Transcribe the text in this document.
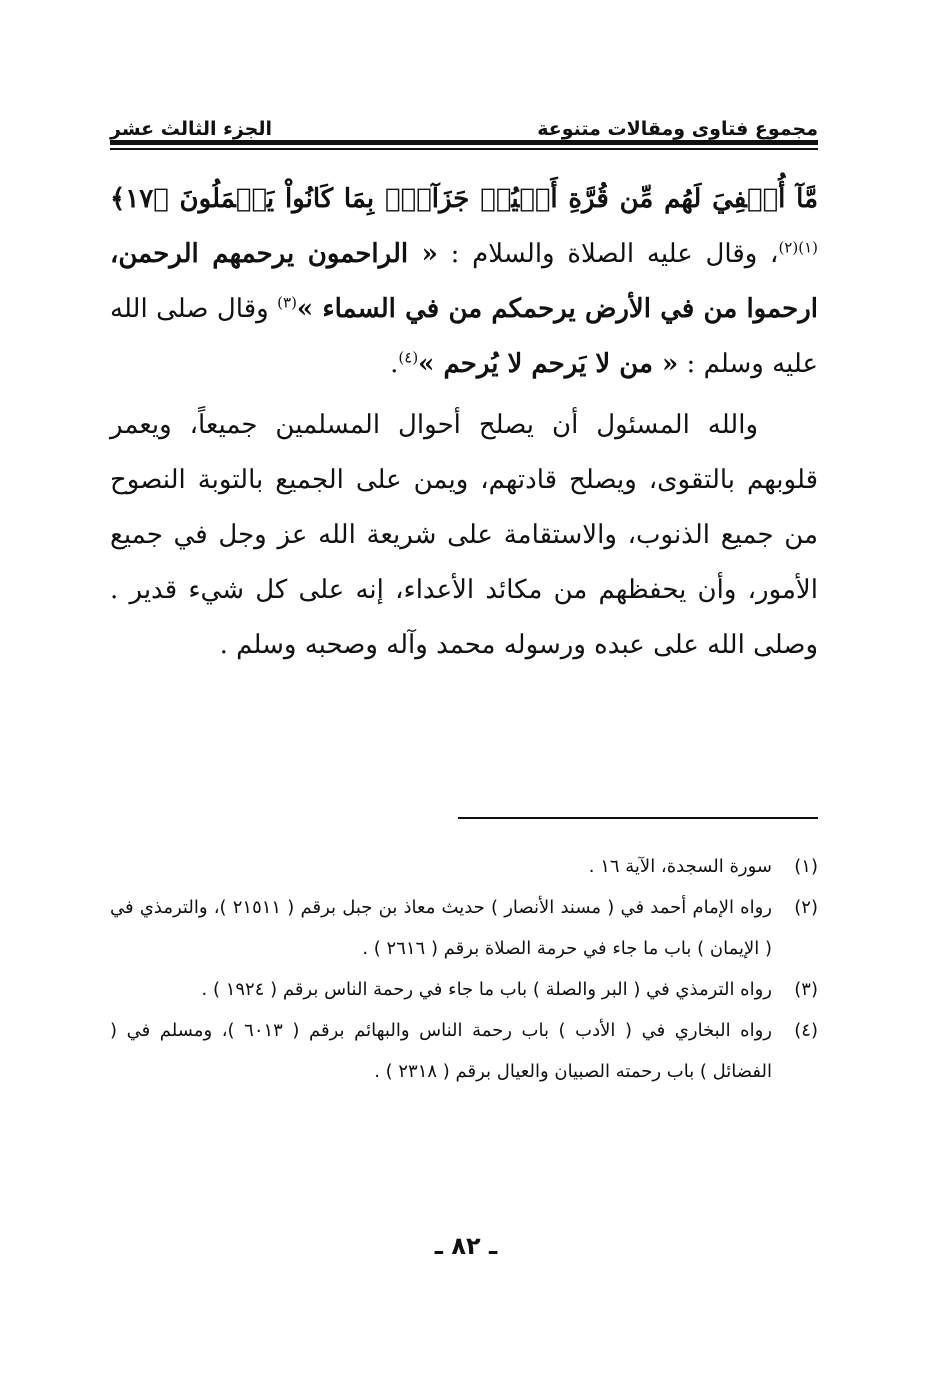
مجموع فتاوى ومقالات متنوعة
الجزء الثالث عشر

مَّآ أُخۡفِيَ لَهُم مِّن قُرَّةِ أَعۡيُنٖ جَزَآءَۢ بِمَا كَانُواْ يَعۡمَلُونَ ﴿١٧﴾$^{(١)(٢)}$، وقال عليه الصلاة والسلام : « الراحمون يرحمهم الرحمن، ارحموا من في الأرض يرحمكم من في السماء »$^{(٣)}$ وقال صلى الله عليه وسلم : « من لا يَرحم لا يُرحم »$^{(٤)}$.

والله المسئول أن يصلح أحوال المسلمين جميعاً، ويعمر قلوبهم بالتقوى، ويصلح قادتهم، ويمن على الجميع بالتوبة النصوح من جميع الذنوب، والاستقامة على شريعة الله عز وجل في جميع الأمور، وأن يحفظهم من مكائد الأعداء، إنه على كل شيء قدير . وصلى الله على عبده ورسوله محمد وآله وصحبه وسلم .

(١)
سورة السجدة، الآية ١٦ .
(٢)
رواه الإمام أحمد في ( مسند الأنصار ) حديث معاذ بن جبل برقم ( ٢١٥١١ )، والترمذي في ( الإيمان ) باب ما جاء في حرمة الصلاة برقم ( ٢٦١٦ ) .
(٣)
رواه الترمذي في ( البر والصلة ) باب ما جاء في رحمة الناس برقم ( ١٩٢٤ ) .
(٤)
رواه البخاري في ( الأدب ) باب رحمة الناس والبهائم برقم ( ٦٠١٣ )، ومسلم في ( الفضائل ) باب رحمته الصبيان والعيال برقم ( ٢٣١٨ ) .
ـ ٨٢ ـ
